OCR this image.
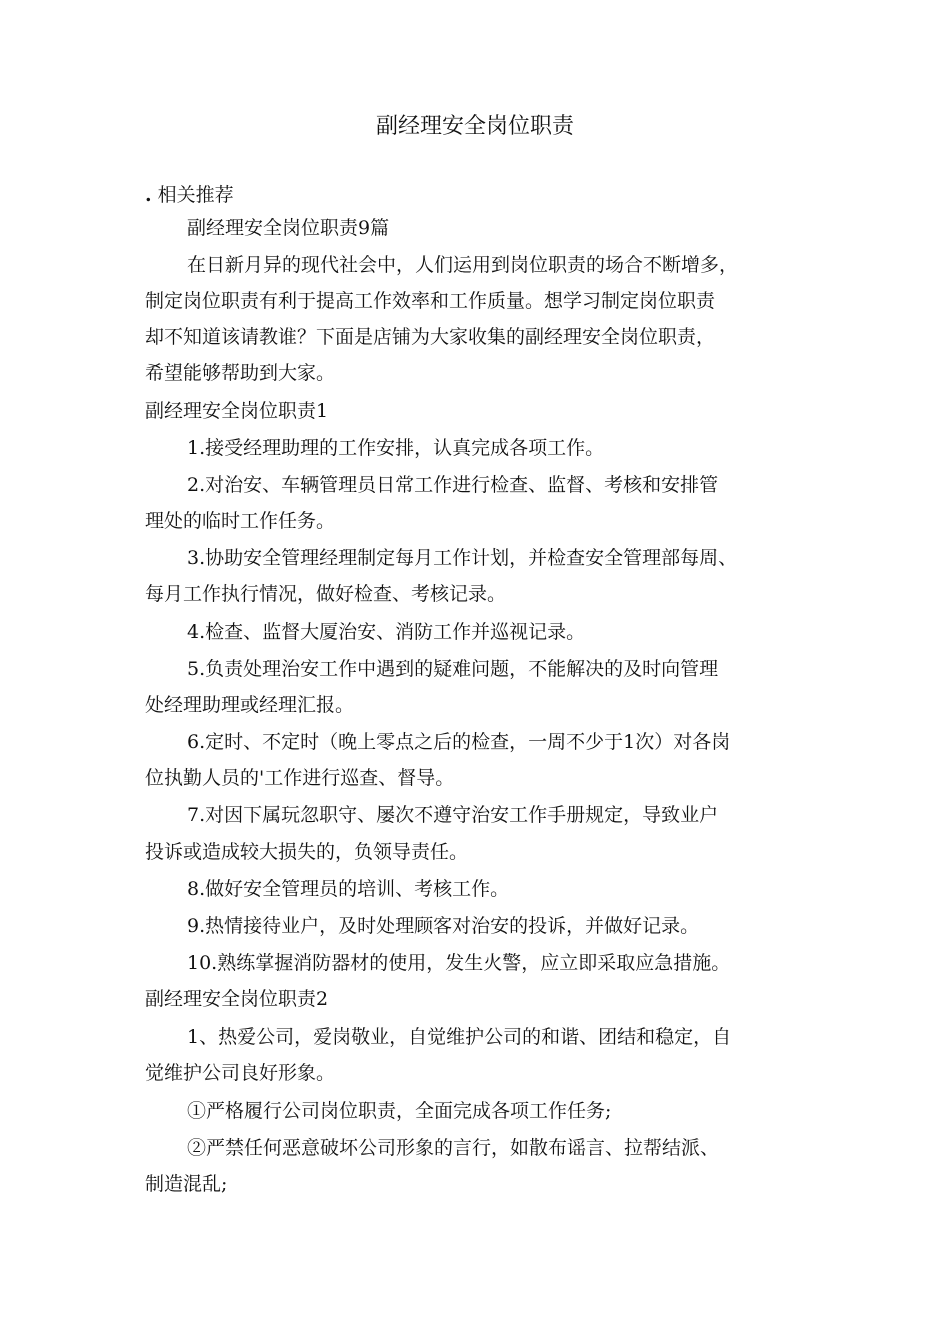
副经理安全岗位职责
. 相关推荐
副经理安全岗位职责9篇
在日新月异的现代社会中，人们运用到岗位职责的场合不断增多，
制定岗位职责有利于提高工作效率和工作质量。想学习制定岗位职责
却不知道该请教谁？下面是店铺为大家收集的副经理安全岗位职责，
希望能够帮助到大家。
副经理安全岗位职责1
1.接受经理助理的工作安排，认真完成各项工作。
2.对治安、车辆管理员日常工作进行检查、监督、考核和安排管
理处的临时工作任务。
3.协助安全管理经理制定每月工作计划，并检查安全管理部每周、
每月工作执行情况，做好检查、考核记录。
4.检查、监督大厦治安、消防工作并巡视记录。
5.负责处理治安工作中遇到的疑难问题，不能解决的及时向管理
处经理助理或经理汇报。
6.定时、不定时（晚上零点之后的检查，一周不少于1次）对各岗
位执勤人员的'工作进行巡查、督导。
7.对因下属玩忽职守、屡次不遵守治安工作手册规定，导致业户
投诉或造成较大损失的，负领导责任。
8.做好安全管理员的培训、考核工作。
9.热情接待业户，及时处理顾客对治安的投诉，并做好记录。
10.熟练掌握消防器材的使用，发生火警，应立即采取应急措施。
副经理安全岗位职责2
1、热爱公司，爱岗敬业，自觉维护公司的和谐、团结和稳定，自
觉维护公司良好形象。
①严格履行公司岗位职责，全面完成各项工作任务;
②严禁任何恶意破坏公司形象的言行，如散布谣言、拉帮结派、
制造混乱;
